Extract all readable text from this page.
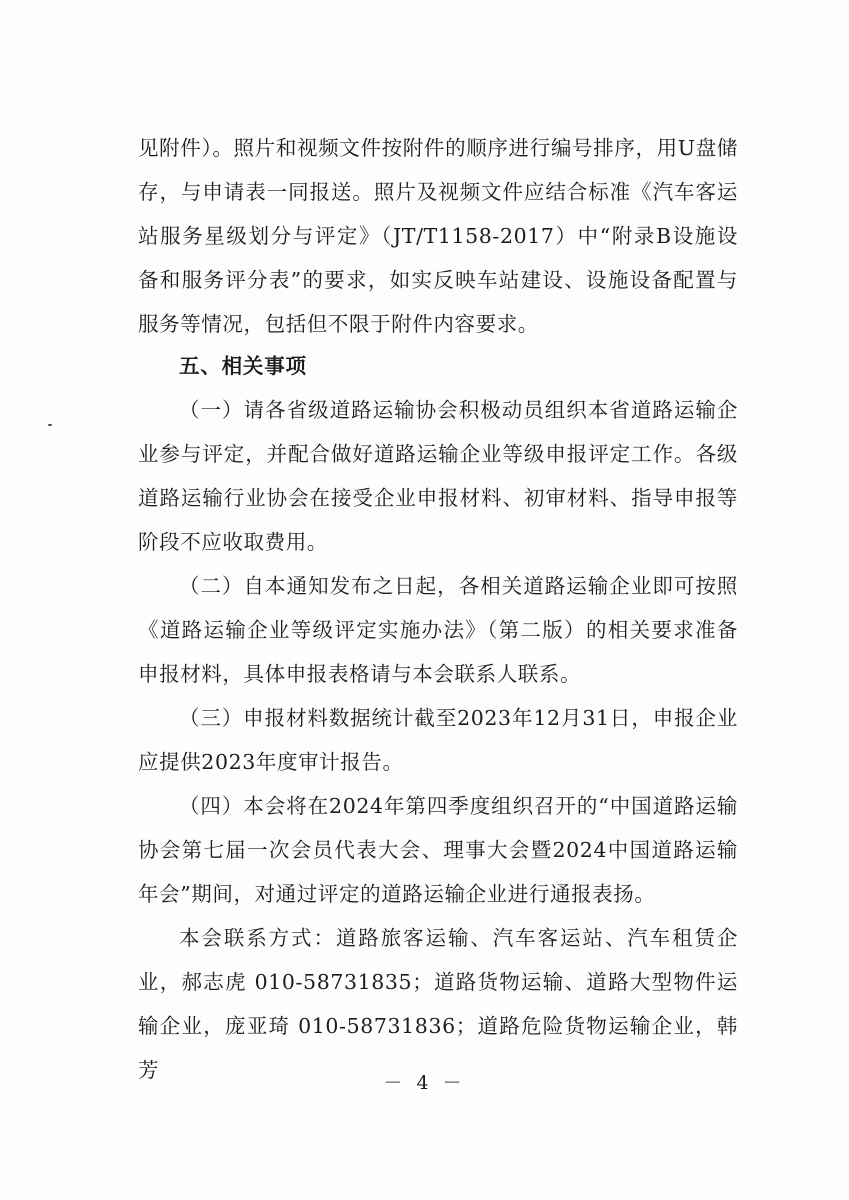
见附件）。照片和视频文件按附件的顺序进行编号排序，用U盘储存，与申请表一同报送。照片及视频文件应结合标准《汽车客运站服务星级划分与评定》（JT/T1158-2017）中“附录B设施设备和服务评分表”的要求，如实反映车站建设、设施设备配置与服务等情况，包括但不限于附件内容要求。

五、相关事项

（一）请各省级道路运输协会积极动员组织本省道路运输企业参与评定，并配合做好道路运输企业等级申报评定工作。各级道路运输行业协会在接受企业申报材料、初审材料、指导申报等阶段不应收取费用。

（二）自本通知发布之日起，各相关道路运输企业即可按照《道路运输企业等级评定实施办法》（第二版）的相关要求准备申报材料，具体申报表格请与本会联系人联系。

（三）申报材料数据统计截至2023年12月31日，申报企业应提供2023年度审计报告。

（四）本会将在2024年第四季度组织召开的“中国道路运输协会第七届一次会员代表大会、理事大会暨2024中国道路运输年会”期间，对通过评定的道路运输企业进行通报表扬。

本会联系方式：道路旅客运输、汽车客运站、汽车租赁企业，郝志虎 010-58731835；道路货物运输、道路大型物件运输企业，庞亚琦 010-58731836；道路危险货物运输企业，韩芳

－ 4 －
